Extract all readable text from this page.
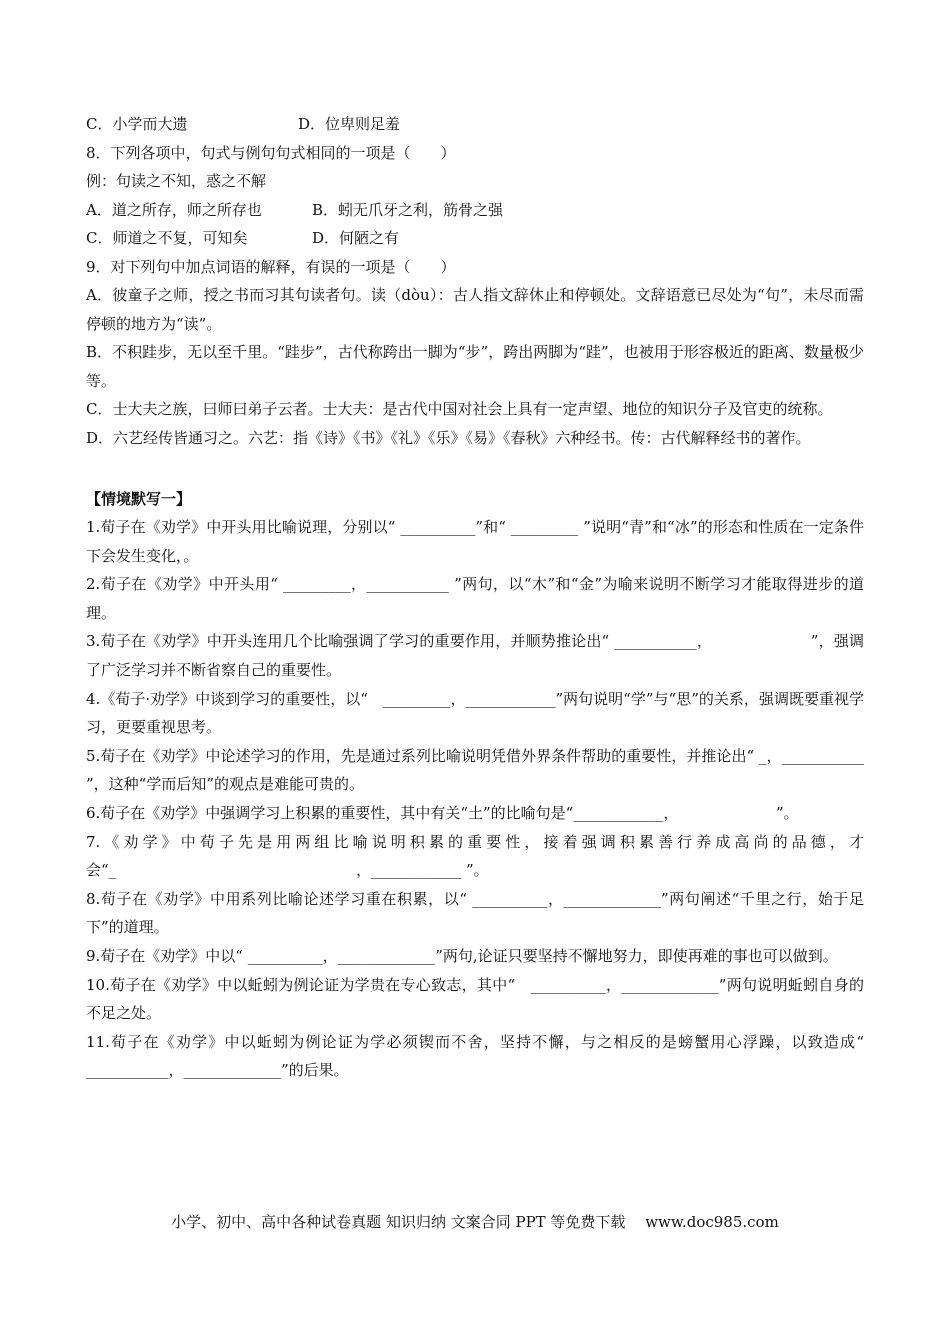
C．小学而大遗	D．位卑则足羞
8．下列各项中，句式与例句句式相同的一项是（　　）
例：句读之不知，惑之不解
A．道之所存，师之所存也	B．蚓无爪牙之利，筋骨之强
C．师道之不复，可知矣	D．何陋之有
9．对下列句中加点词语的解释，有误的一项是（　　）
A．彼童子之师，授之书而习其句读者句。读（dòu）：古人指文辞休止和停顿处。文辞语意已尽处为“句”，未尽而需停顿的地方为“读”。
B．不积跬步，无以至千里。“跬步”，古代称跨出一脚为“步”，跨出两脚为“跬”，也被用于形容极近的距离、数量极少等。
C．士大夫之族，曰师曰弟子云者。士大夫：是古代中国对社会上具有一定声望、地位的知识分子及官吏的统称。
D．六艺经传皆通习之。六艺：指《诗》《书》《礼》《乐》《易》《春秋》六种经书。传：古代解释经书的著作。
【情境默写一】
1.荀子在《劝学》中开头用比喻说理，分别以“ __________”和“ _________ ”说明“青”和“冰”的形态和性质在一定条件下会发生变化，。
2.荀子在《劝学》中开头用“ _________，___________ ”两句，以“木”和“金”为喻来说明不断学习才能取得进步的道理。
3.荀子在《劝学》中开头连用几个比喻强调了学习的重要作用，并顺势推论出“ ___________，　　　　　　　”，强调了广泛学习并不断省察自己的重要性。
4.《荀子·劝学》中谈到学习的重要性，以“　_________，____________”两句说明“学”与“思”的关系，强调既要重视学习，更要重视思考。
5.荀子在《劝学》中论述学习的作用，先是通过系列比喻说明凭借外界条件帮助的重要性，并推论出“ _，___________ ”，这种“学而后知”的观点是难能可贵的。
6.荀子在《劝学》中强调学习上积累的重要性，其中有关“土”的比喻句是“____________，　　　　　　　”。
7.《劝学》中荀子先是用两组比喻说明积累的重要性，接着强调积累善行养成高尚的品德，才会“_　　　　　　　　　　　　　　　　，____________ ”。
8.荀子在《劝学》中用系列比喻论述学习重在积累，以“ __________，_____________”两句阐述“千里之行，始于足下”的道理。
9.荀子在《劝学》中以“ __________，_____________”两句,论证只要坚持不懈地努力，即使再难的事也可以做到。
10.荀子在《劝学》中以蚯蚓为例论证为学贵在专心致志，其中“　__________，_____________”两句说明蚯蚓自身的不足之处。
11.荀子在《劝学》中以蚯蚓为例论证为学必须锲而不舍，坚持不懈，与之相反的是螃蟹用心浮躁，以致造成“ ___________，_____________”的后果。
小学、初中、高中各种试卷真题 知识归纳 文案合同 PPT 等免费下载　 www.doc985.com
